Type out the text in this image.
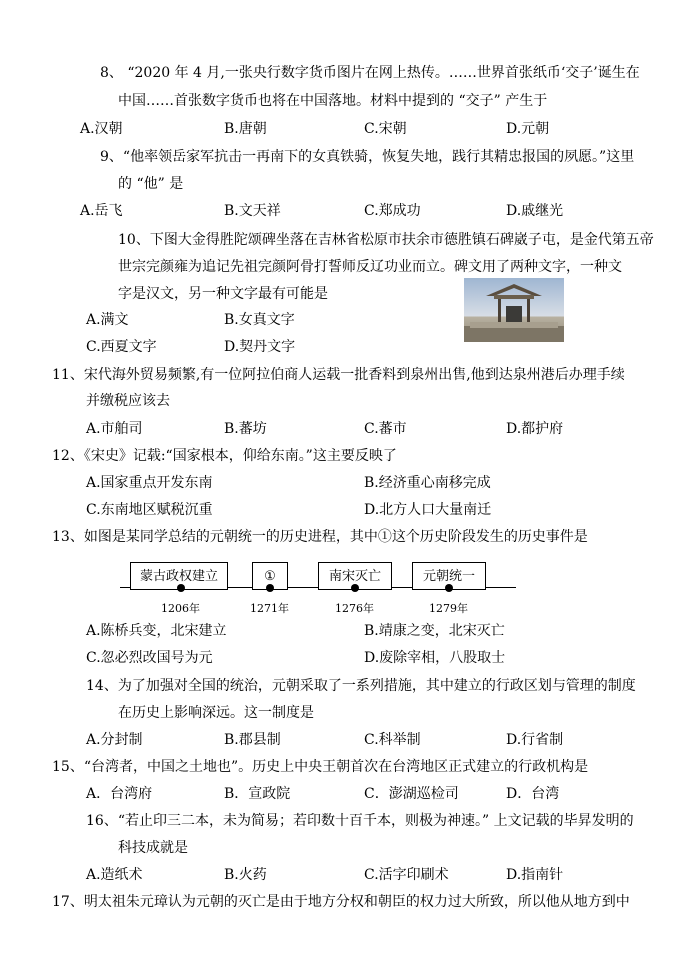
8、 “2020 年 4 月,一张央行数字货币图片在网上热传。……世界首张纸币‘交子’诞生在
中国……首张数字货币也将在中国落地。材料中提到的 “交子” 产生于
A.汉朝	B.唐朝	C.宋朝	D.元朝
9、“他率领岳家军抗击一再南下的女真铁骑，恢复失地，践行其精忠报国的夙愿。”这里
的 “他” 是
A.岳飞	B.文天祥	C.郑成功	D.戚继光
10、下图大金得胜陀颂碑坐落在吉林省松原市扶余市德胜镇石碑崴子屯，是金代第五帝
世宗完颜雍为追记先祖完颜阿骨打誓师反辽功业而立。碑文用了两种文字，一种文
字是汉文，另一种文字最有可能是
A.满文	B.女真文字
C.西夏文字	D.契丹文字
11、宋代海外贸易频繁,有一位阿拉伯商人运载一批香料到泉州出售,他到达泉州港后办理手续
并缴税应该去
A.市舶司	B.蕃坊	C.蕃市	D.都护府
12、《宋史》记载:“国家根本，仰给东南。”这主要反映了
A.国家重点开发东南	B.经济重心南移完成
C.东南地区赋税沉重	D.北方人口大量南迁
13、如图是某同学总结的元朝统一的历史进程，其中①这个历史阶段发生的历史事件是
蒙古政权建立	①	南宋灭亡	元朝统一
1206年	1271年	1276年	1279年
A.陈桥兵变，北宋建立	B.靖康之变，北宋灭亡
C.忽必烈改国号为元	D.废除宰相，八股取士
14、为了加强对全国的统治，元朝采取了一系列措施，其中建立的行政区划与管理的制度
在历史上影响深远。这一制度是
A.分封制	B.郡县制	C.科举制	D.行省制
15、“台湾者，中国之土地也”。历史上中央王朝首次在台湾地区正式建立的行政机构是
A．台湾府	B．宣政院	C．澎湖巡检司	D．台湾
16、“若止印三二本，未为简易；若印数十百千本，则极为神速。” 上文记载的毕昇发明的
科技成就是
A.造纸术	B.火药	C.活字印刷术	D.指南针
17、明太祖朱元璋认为元朝的灭亡是由于地方分权和朝臣的权力过大所致，所以他从地方到中
